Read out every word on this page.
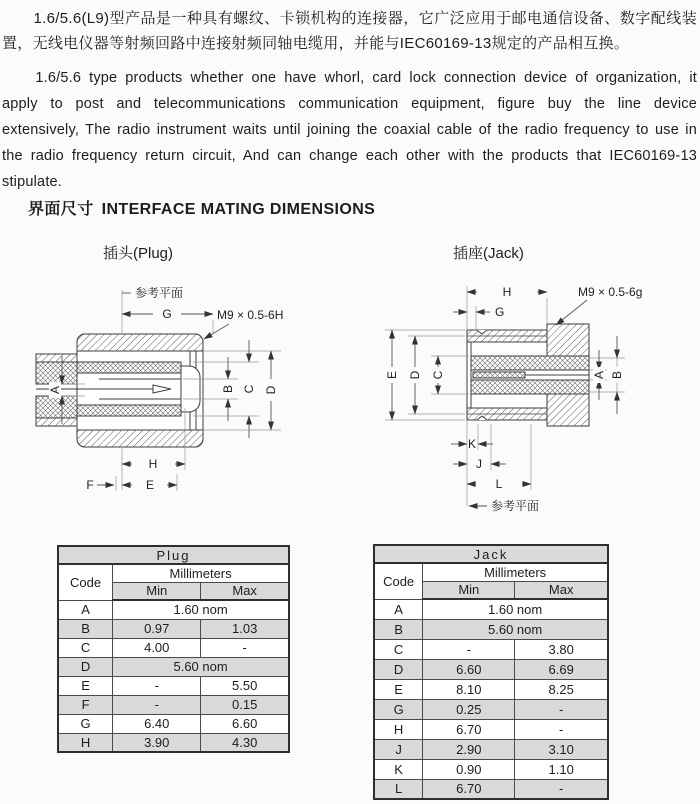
1.6/5.6(L9)型产品是一种具有螺纹、卡锁机构的连接器，它广泛应用于邮电通信设备、数字配线装置，无线电仪器等射频回路中连接射频同轴电缆用，并能与IEC60169-13规定的产品相互换。

1.6/5.6 type products whether one have whorl, card lock connection device of organization, it apply to post and telecommunications communication equipment, figure buy the line device extensively, The radio instrument waits until joining the coaxial cable of the radio frequency to use in the radio frequency return circuit, And can change each other with the products that IEC60169-13 stipulate.

界面尺寸 INTERFACE MATING DIMENSIONS
插头(Plug)	插座(Jack)
参考平面
G	M9 × 0.5-6H
A	B C D
H
F	E
H
G
M9 × 0.5-6g
E D C	A B
K
J
L
参考平面
Plug		
Code	Millimeters	
	Min	Max
A	1.60 nom	
B	0.97	1.03
C	4.00	-
D	5.60 nom	
E	-	5.50
F	-	0.15
G	6.40	6.60
H	3.90	4.30
Jack		
Code	Millimeters	
	Min	Max
A	1.60 nom	
B	5.60 nom	
C	-	3.80
D	6.60	6.69
E	8.10	8.25
G	0.25	-
H	6.70	-
J	2.90	3.10
K	0.90	1.10
L	6.70	-
